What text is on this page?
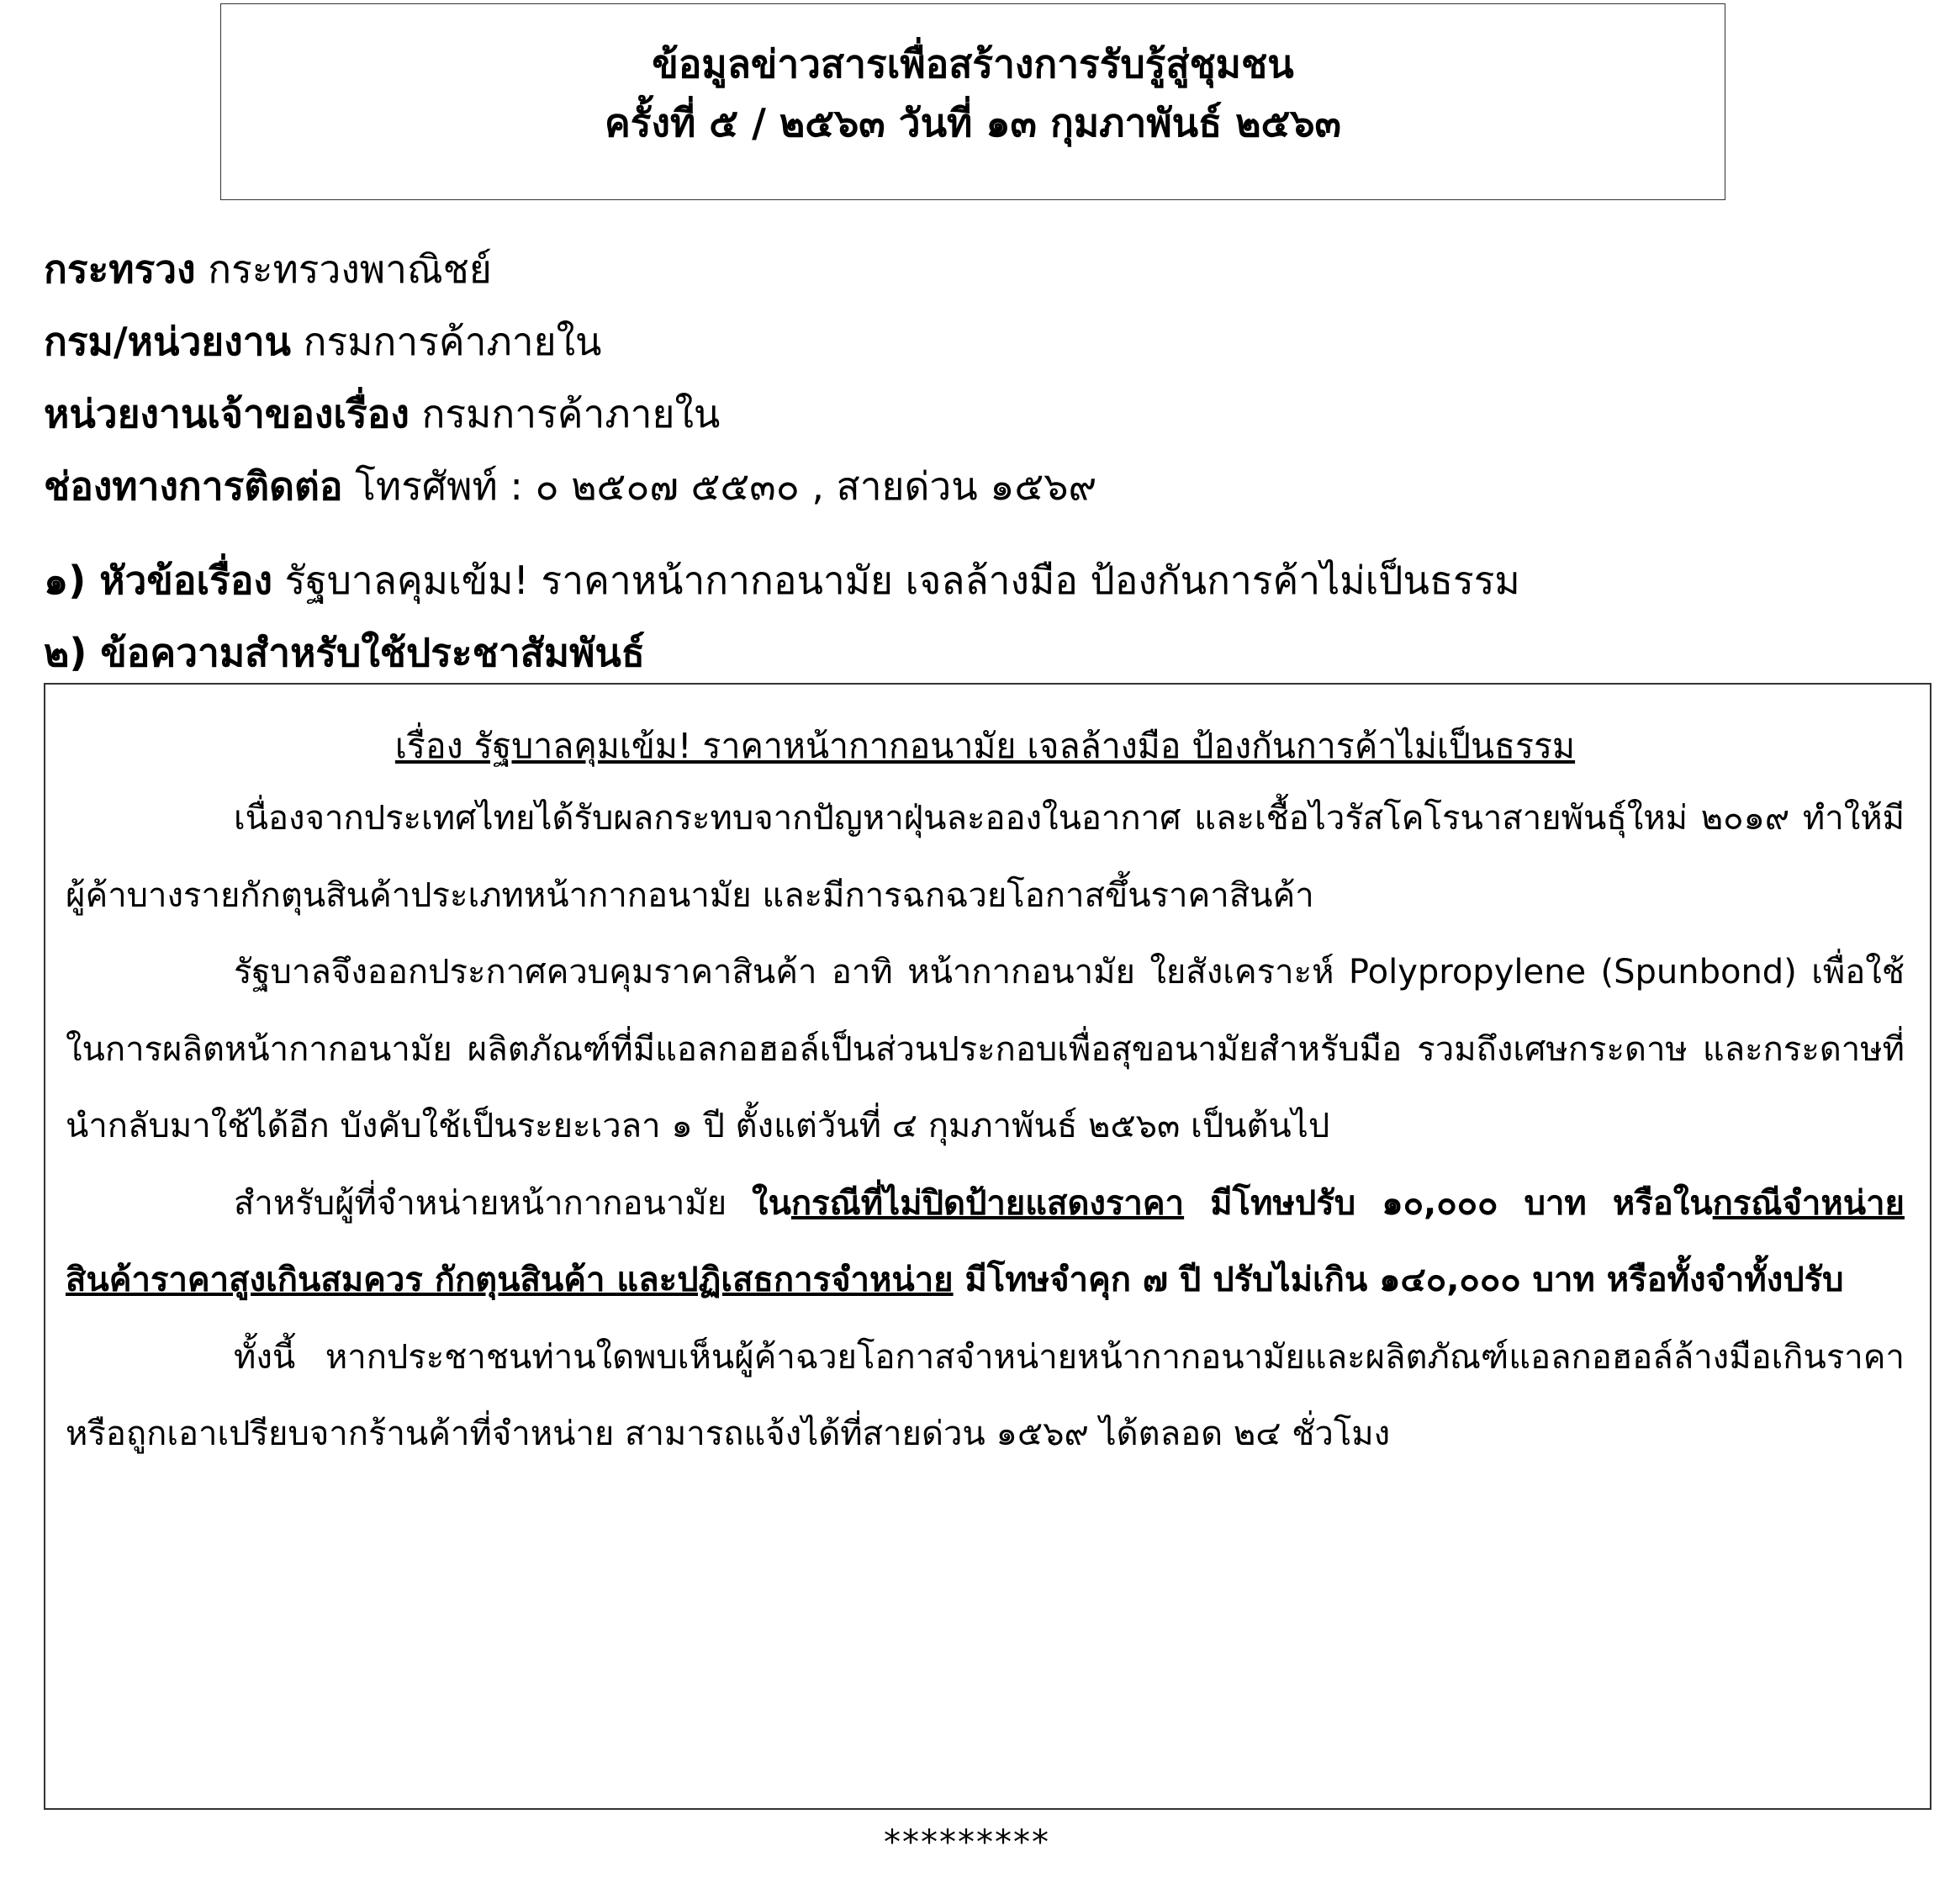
ข้อมูลข่าวสารเพื่อสร้างการรับรู้สู่ชุมชน
ครั้งที่ ๕ / ๒๕๖๓ วันที่ ๑๓ กุมภาพันธ์ ๒๕๖๓
กระทรวง กระทรวงพาณิชย์
กรม/หน่วยงาน กรมการค้าภายใน
หน่วยงานเจ้าของเรื่อง กรมการค้าภายใน
ช่องทางการติดต่อ โทรศัพท์ : ๐ ๒๕๐๗ ๕๕๓๐ , สายด่วน ๑๕๖๙
๑) หัวข้อเรื่อง รัฐบาลคุมเข้ม! ราคาหน้ากากอนามัย เจลล้างมือ ป้องกันการค้าไม่เป็นธรรม
๒) ข้อความสำหรับใช้ประชาสัมพันธ์
เรื่อง รัฐบาลคุมเข้ม! ราคาหน้ากากอนามัย เจลล้างมือ ป้องกันการค้าไม่เป็นธรรม

เนื่องจากประเทศไทยได้รับผลกระทบจากปัญหาฝุ่นละอองในอากาศ และเชื้อไวรัสโคโรนาสายพันธุ์ใหม่ ๒๐๑๙ ทำให้มีผู้ค้าบางรายกักตุนสินค้าประเภทหน้ากากอนามัย และมีการฉกฉวยโอกาสขึ้นราคาสินค้า

รัฐบาลจึงออกประกาศควบคุมราคาสินค้า อาทิ หน้ากากอนามัย ใยสังเคราะห์ Polypropylene (Spunbond) เพื่อใช้ในการผลิตหน้ากากอนามัย ผลิตภัณฑ์ที่มีแอลกอฮอล์เป็นส่วนประกอบเพื่อสุขอนามัยสำหรับมือ รวมถึงเศษกระดาษ และกระดาษที่นำกลับมาใช้ได้อีก บังคับใช้เป็นระยะเวลา ๑ ปี ตั้งแต่วันที่ ๔ กุมภาพันธ์ ๒๕๖๓ เป็นต้นไป

สำหรับผู้ที่จำหน่ายหน้ากากอนามัย ในกรณีที่ไม่ปิดป้ายแสดงราคา มีโทษปรับ ๑๐,๐๐๐ บาท หรือในกรณีจำหน่ายสินค้าราคาสูงเกินสมควร กักตุนสินค้า และปฏิเสธการจำหน่าย มีโทษจำคุก ๗ ปี ปรับไม่เกิน ๑๔๐,๐๐๐ บาท หรือทั้งจำทั้งปรับ

ทั้งนี้ หากประชาชนท่านใดพบเห็นผู้ค้าฉวยโอกาสจำหน่ายหน้ากากอนามัยและผลิตภัณฑ์แอลกอฮอล์ล้างมือเกินราคา หรือถูกเอาเปรียบจากร้านค้าที่จำหน่าย สามารถแจ้งได้ที่สายด่วน ๑๕๖๙ ได้ตลอด ๒๔ ชั่วโมง

*********
